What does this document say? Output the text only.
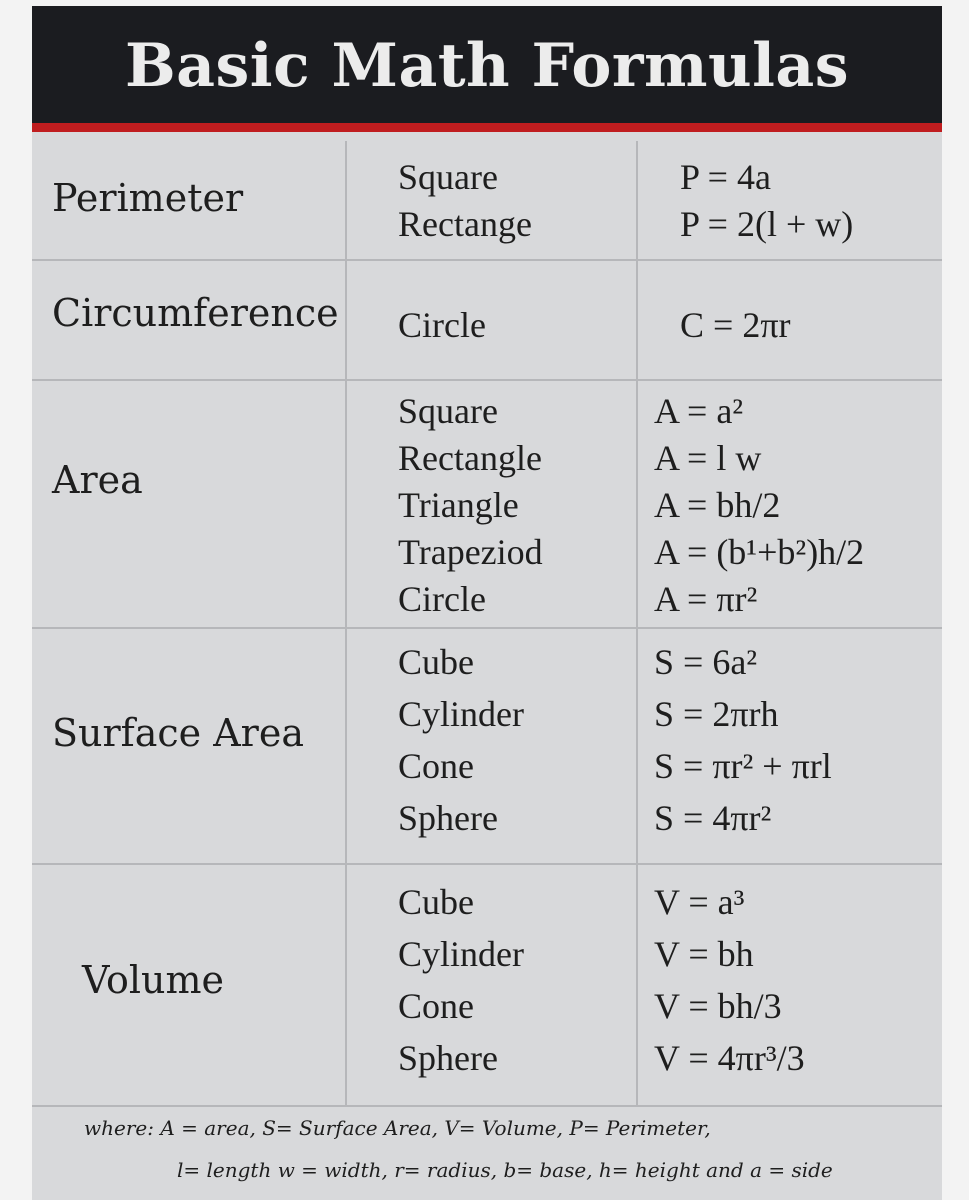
Basic Math Formulas
Perimeter	Square
Rectange
P = 4a
P = 2(l + w)
Circumference Circle	C = 2πr
Area
Square
Rectangle
Triangle
Trapeziod
Circle
A = a²
A = l w
A = bh/2
A = (b¹+b²)h/2
A = πr²
Surface Area
Cube
Cylinder
Cone
Sphere
S = 6a²
S = 2πrh
S = πr² + πrl
S = 4πr²
Volume
Cube
Cylinder
Cone
Sphere
V = a³
V = bh
V = bh/3
V = 4πr³/3
where: A = area, S= Surface Area, V= Volume, P= Perimeter,
l= length w = width, r= radius, b= base, h= height and a = side
